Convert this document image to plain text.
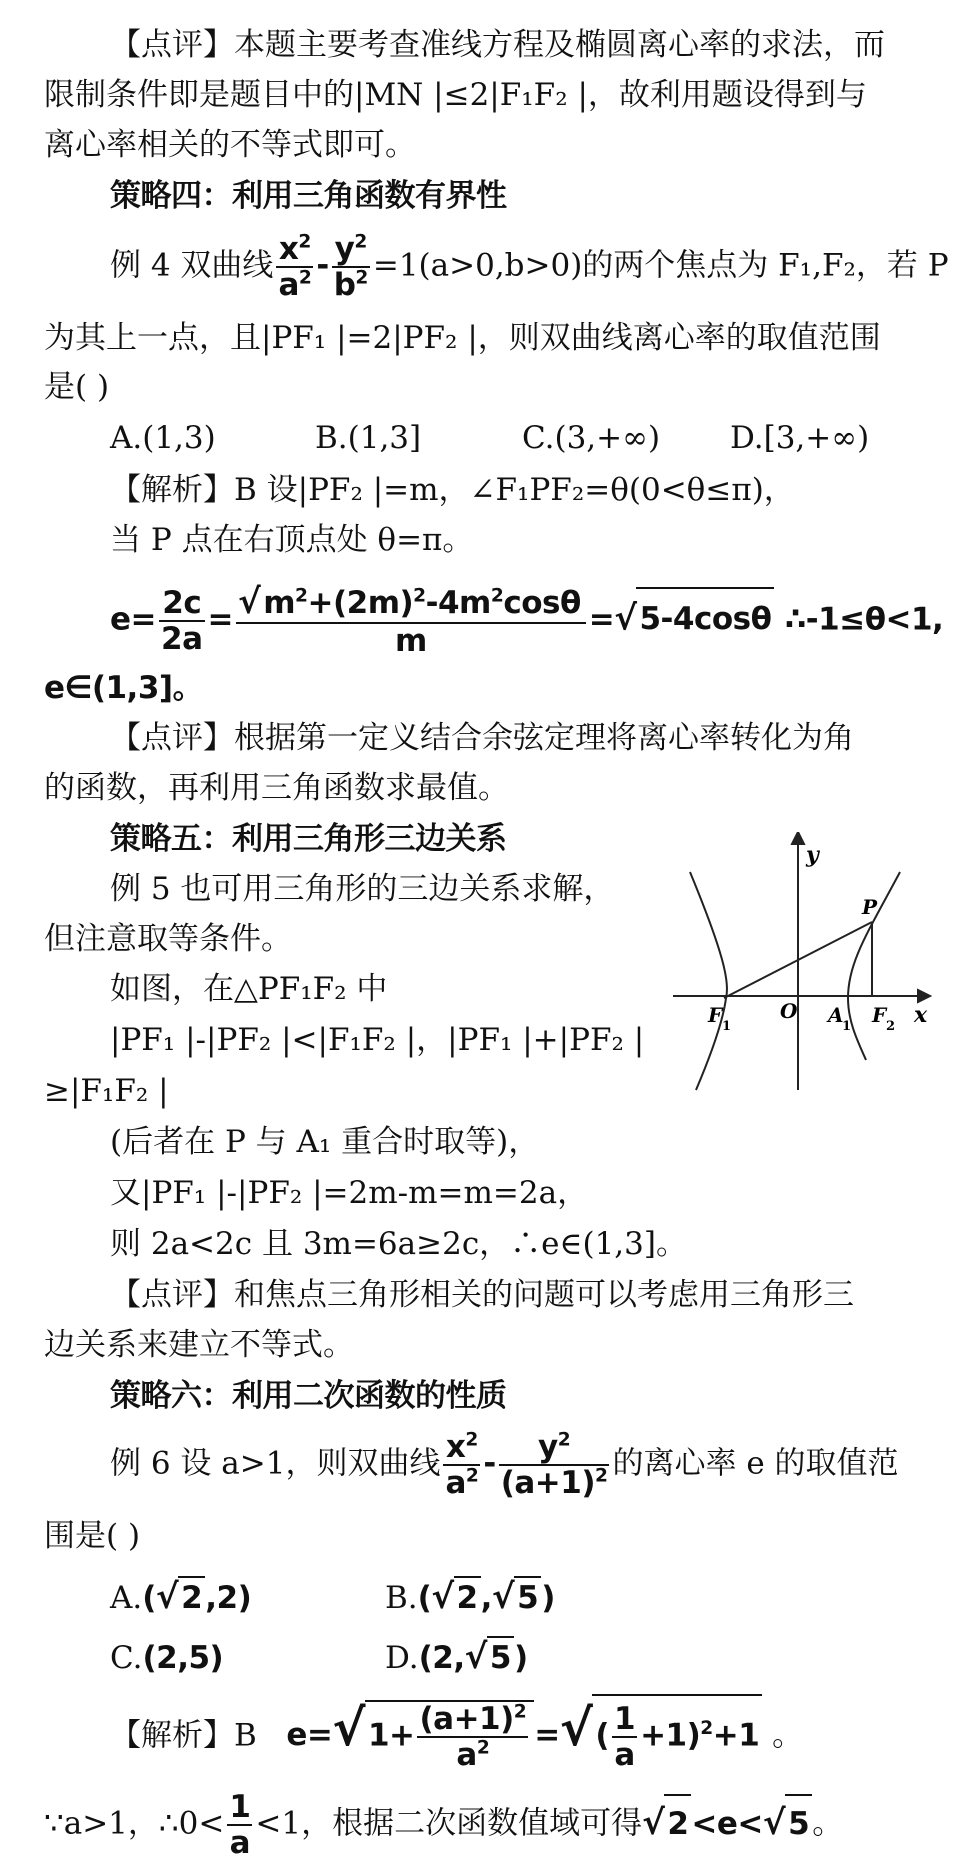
【点评】本题主要考查准线方程及椭圆离心率的求法，而
限制条件即是题目中的|MN |≤2|F₁F₂ |，故利用题设得到与
离心率相关的不等式即可。
策略四：利用三角函数有界性
例 4 双曲线 $\frac{x^2}{a^2} - \frac{y^2}{b^2} =1(a>0,b>0)$的两个焦点为 F₁,F₂，若 P
为其上一点，且|PF₁ |=2|PF₂ |，则双曲线离心率的取值范围
是( )
A.(1,3)	B.(1,3]	C.(3,+∞) D.[3,+∞)
【解析】B 设|PF₂ |=m，∠F₁PF₂=θ(0<θ≤π)，
当 P 点在右顶点处 θ=π。
$e= \frac{2c}{2a} = \frac{√m^2+(2m)^2-4m^2\cos\theta}{m} =√5-4\cos\theta$ ∴-1≤θ<1,
e∈(1,3]。
【点评】根据第一定义结合余弦定理将离心率转化为角
的函数，再利用三角函数求最值。
策略五：利用三角形三边关系
例 5 也可用三角形的三边关系求解，
但注意取等条件。
如图，在△PF₁F₂ 中
|PF₁ |-|PF₂ |<|F₁F₂ |，|PF₁ |+|PF₂ |
≥|F₁F₂ |
(后者在 P 与 A₁ 重合时取等)，
又|PF₁ |-|PF₂ |=2m-m=m=2a，
则 2a<2c 且 3m=6a≥2c，∴e∈(1,3]。
y
x
P
F 1
O A
1 F 2
【点评】和焦点三角形相关的问题可以考虑用三角形三
边关系来建立不等式。
策略六：利用二次函数的性质
例 6 设 a>1，则双曲线 $\frac{x^2}{a^2} - \frac{y^2}{(a+1)^2}$ 的离心率 e 的取值范
围是( )
A.(√2,2)	B.(√2,√5)
C.(2,5)	D.(2,√5)
【解析】B $e=√1+ \frac{(a+1)^2}{a^2}$ =√( $\frac{1}{a} +1)^2+1$ 。
∵a>1，∴0< $\frac{1}{a} <1$，根据二次函数值域可得√2<e<√5。
